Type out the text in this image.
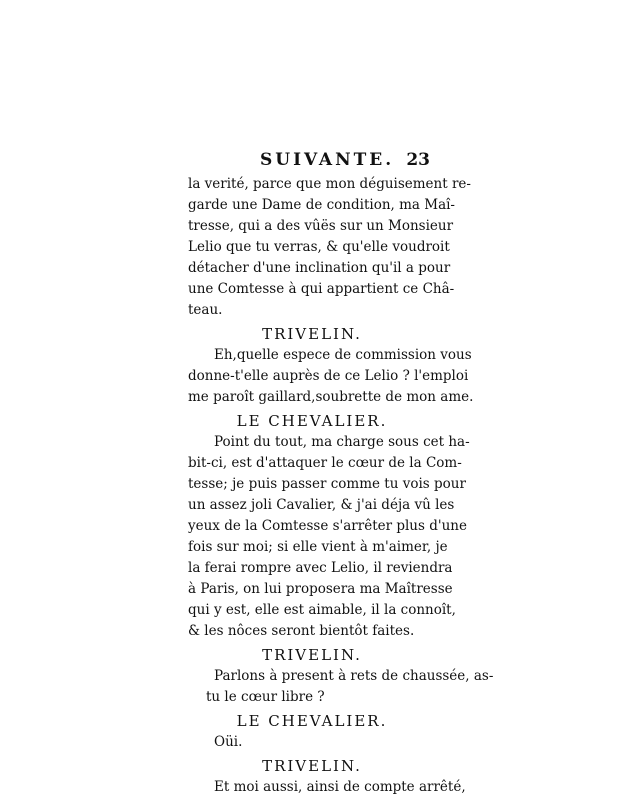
SUIVANTE. 23
la verité, parce que mon déguisement re-
garde une Dame de condition, ma Maî-
tresse, qui a des vûës sur un Monsieur
Lelio que tu verras, & qu'elle voudroit
détacher d'une inclination qu'il a pour
une Comtesse à qui appartient ce Châ-
teau.
TRIVELIN.
Eh,quelle espece de commission vous
donne-t'elle auprès de ce Lelio ? l'emploi
me paroît gaillard,soubrette de mon ame.
LE CHEVALIER.
Point du tout, ma charge sous cet ha-
bit-ci, est d'attaquer le cœur de la Com-
tesse; je puis passer comme tu vois pour
un assez joli Cavalier, & j'ai déja vû les
yeux de la Comtesse s'arrêter plus d'une
fois sur moi; si elle vient à m'aimer, je
la ferai rompre avec Lelio, il reviendra
à Paris, on lui proposera ma Maîtresse
qui y est, elle est aimable, il la connoît,
& les nôces seront bientôt faites.
TRIVELIN.
Parlons à present à rets de chaussée, as-
tu le cœur libre ?
LE CHEVALIER.
Oüi.
TRIVELIN.
Et moi aussi, ainsi de compte arrêté,
